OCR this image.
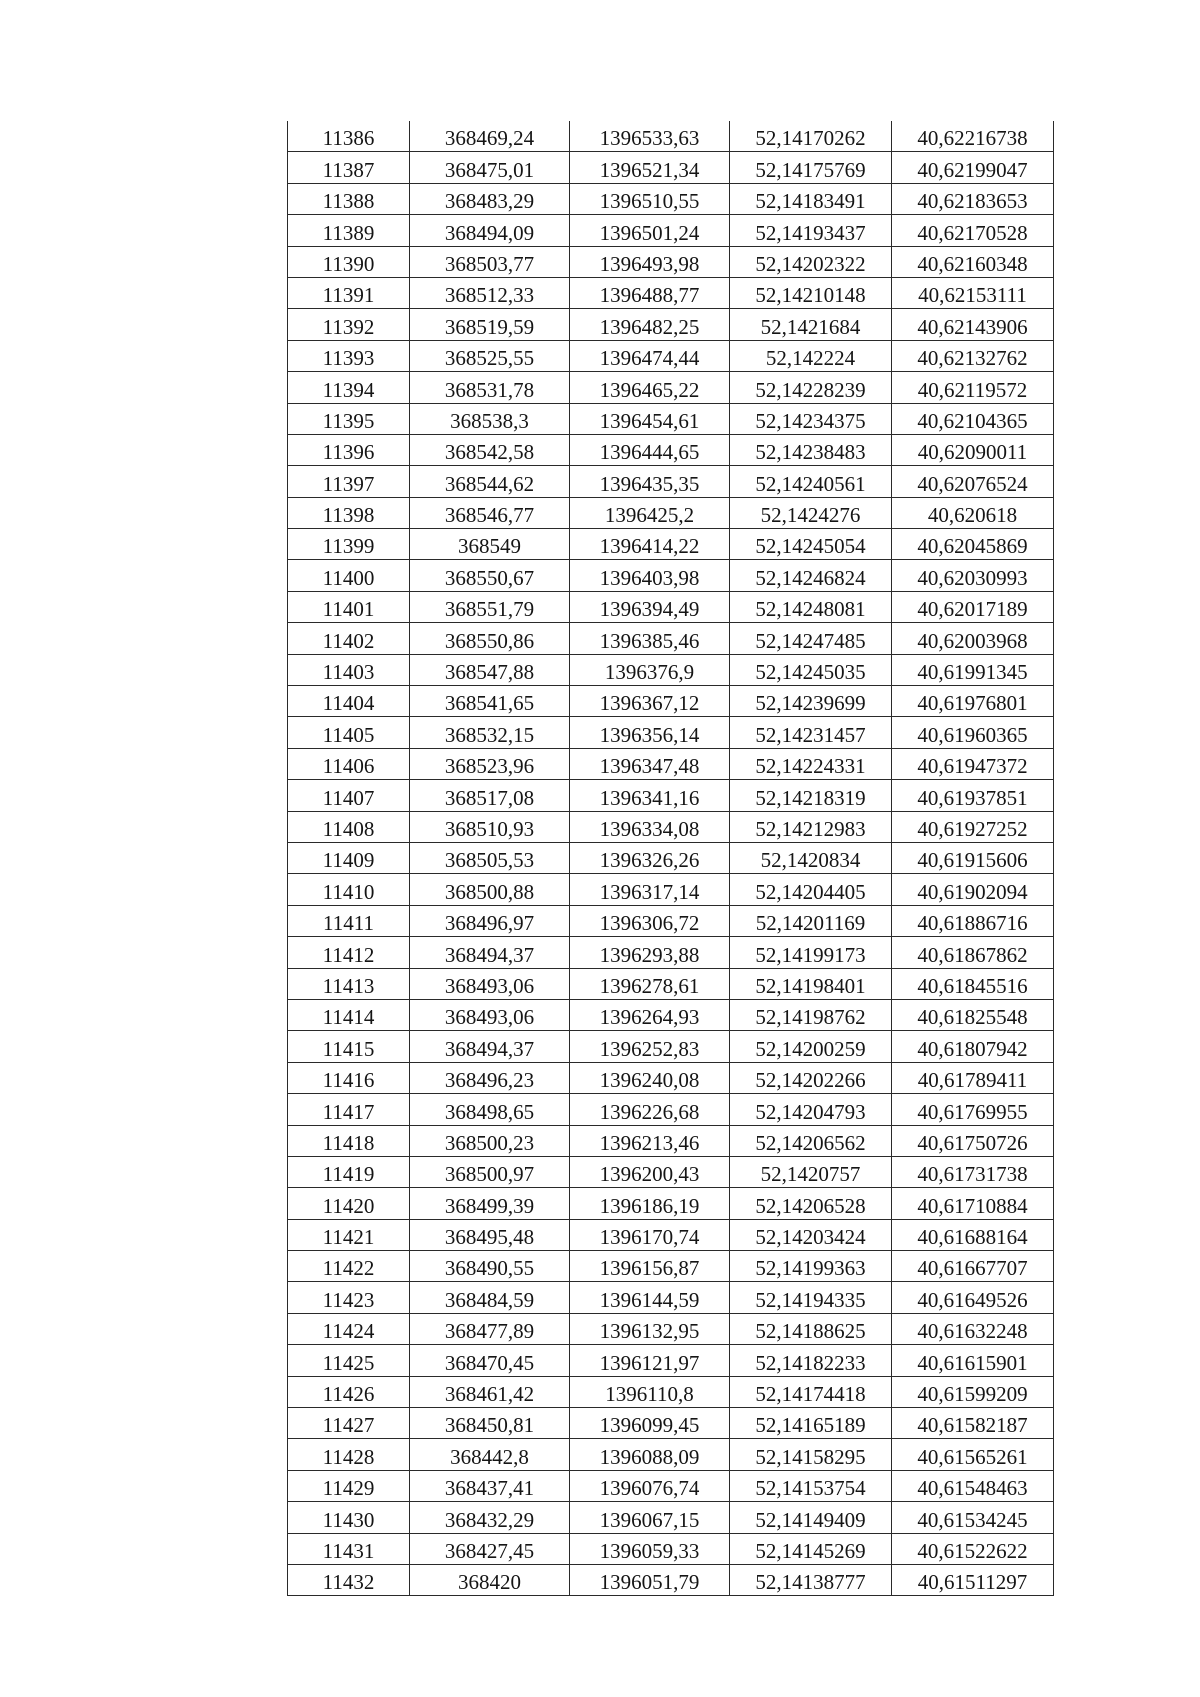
11386	368469,24	1396533,63	52,14170262	40,62216738
11387	368475,01	1396521,34	52,14175769	40,62199047
11388	368483,29	1396510,55	52,14183491	40,62183653
11389	368494,09	1396501,24	52,14193437	40,62170528
11390	368503,77	1396493,98	52,14202322	40,62160348
11391	368512,33	1396488,77	52,14210148	40,62153111
11392	368519,59	1396482,25	52,1421684	40,62143906
11393	368525,55	1396474,44	52,142224	40,62132762
11394	368531,78	1396465,22	52,14228239	40,62119572
11395	368538,3	1396454,61	52,14234375	40,62104365
11396	368542,58	1396444,65	52,14238483	40,62090011
11397	368544,62	1396435,35	52,14240561	40,62076524
11398	368546,77	1396425,2	52,1424276	40,620618
11399	368549	1396414,22	52,14245054	40,62045869
11400	368550,67	1396403,98	52,14246824	40,62030993
11401	368551,79	1396394,49	52,14248081	40,62017189
11402	368550,86	1396385,46	52,14247485	40,62003968
11403	368547,88	1396376,9	52,14245035	40,61991345
11404	368541,65	1396367,12	52,14239699	40,61976801
11405	368532,15	1396356,14	52,14231457	40,61960365
11406	368523,96	1396347,48	52,14224331	40,61947372
11407	368517,08	1396341,16	52,14218319	40,61937851
11408	368510,93	1396334,08	52,14212983	40,61927252
11409	368505,53	1396326,26	52,1420834	40,61915606
11410	368500,88	1396317,14	52,14204405	40,61902094
11411	368496,97	1396306,72	52,14201169	40,61886716
11412	368494,37	1396293,88	52,14199173	40,61867862
11413	368493,06	1396278,61	52,14198401	40,61845516
11414	368493,06	1396264,93	52,14198762	40,61825548
11415	368494,37	1396252,83	52,14200259	40,61807942
11416	368496,23	1396240,08	52,14202266	40,61789411
11417	368498,65	1396226,68	52,14204793	40,61769955
11418	368500,23	1396213,46	52,14206562	40,61750726
11419	368500,97	1396200,43	52,1420757	40,61731738
11420	368499,39	1396186,19	52,14206528	40,61710884
11421	368495,48	1396170,74	52,14203424	40,61688164
11422	368490,55	1396156,87	52,14199363	40,61667707
11423	368484,59	1396144,59	52,14194335	40,61649526
11424	368477,89	1396132,95	52,14188625	40,61632248
11425	368470,45	1396121,97	52,14182233	40,61615901
11426	368461,42	1396110,8	52,14174418	40,61599209
11427	368450,81	1396099,45	52,14165189	40,61582187
11428	368442,8	1396088,09	52,14158295	40,61565261
11429	368437,41	1396076,74	52,14153754	40,61548463
11430	368432,29	1396067,15	52,14149409	40,61534245
11431	368427,45	1396059,33	52,14145269	40,61522622
11432	368420	1396051,79	52,14138777	40,61511297
